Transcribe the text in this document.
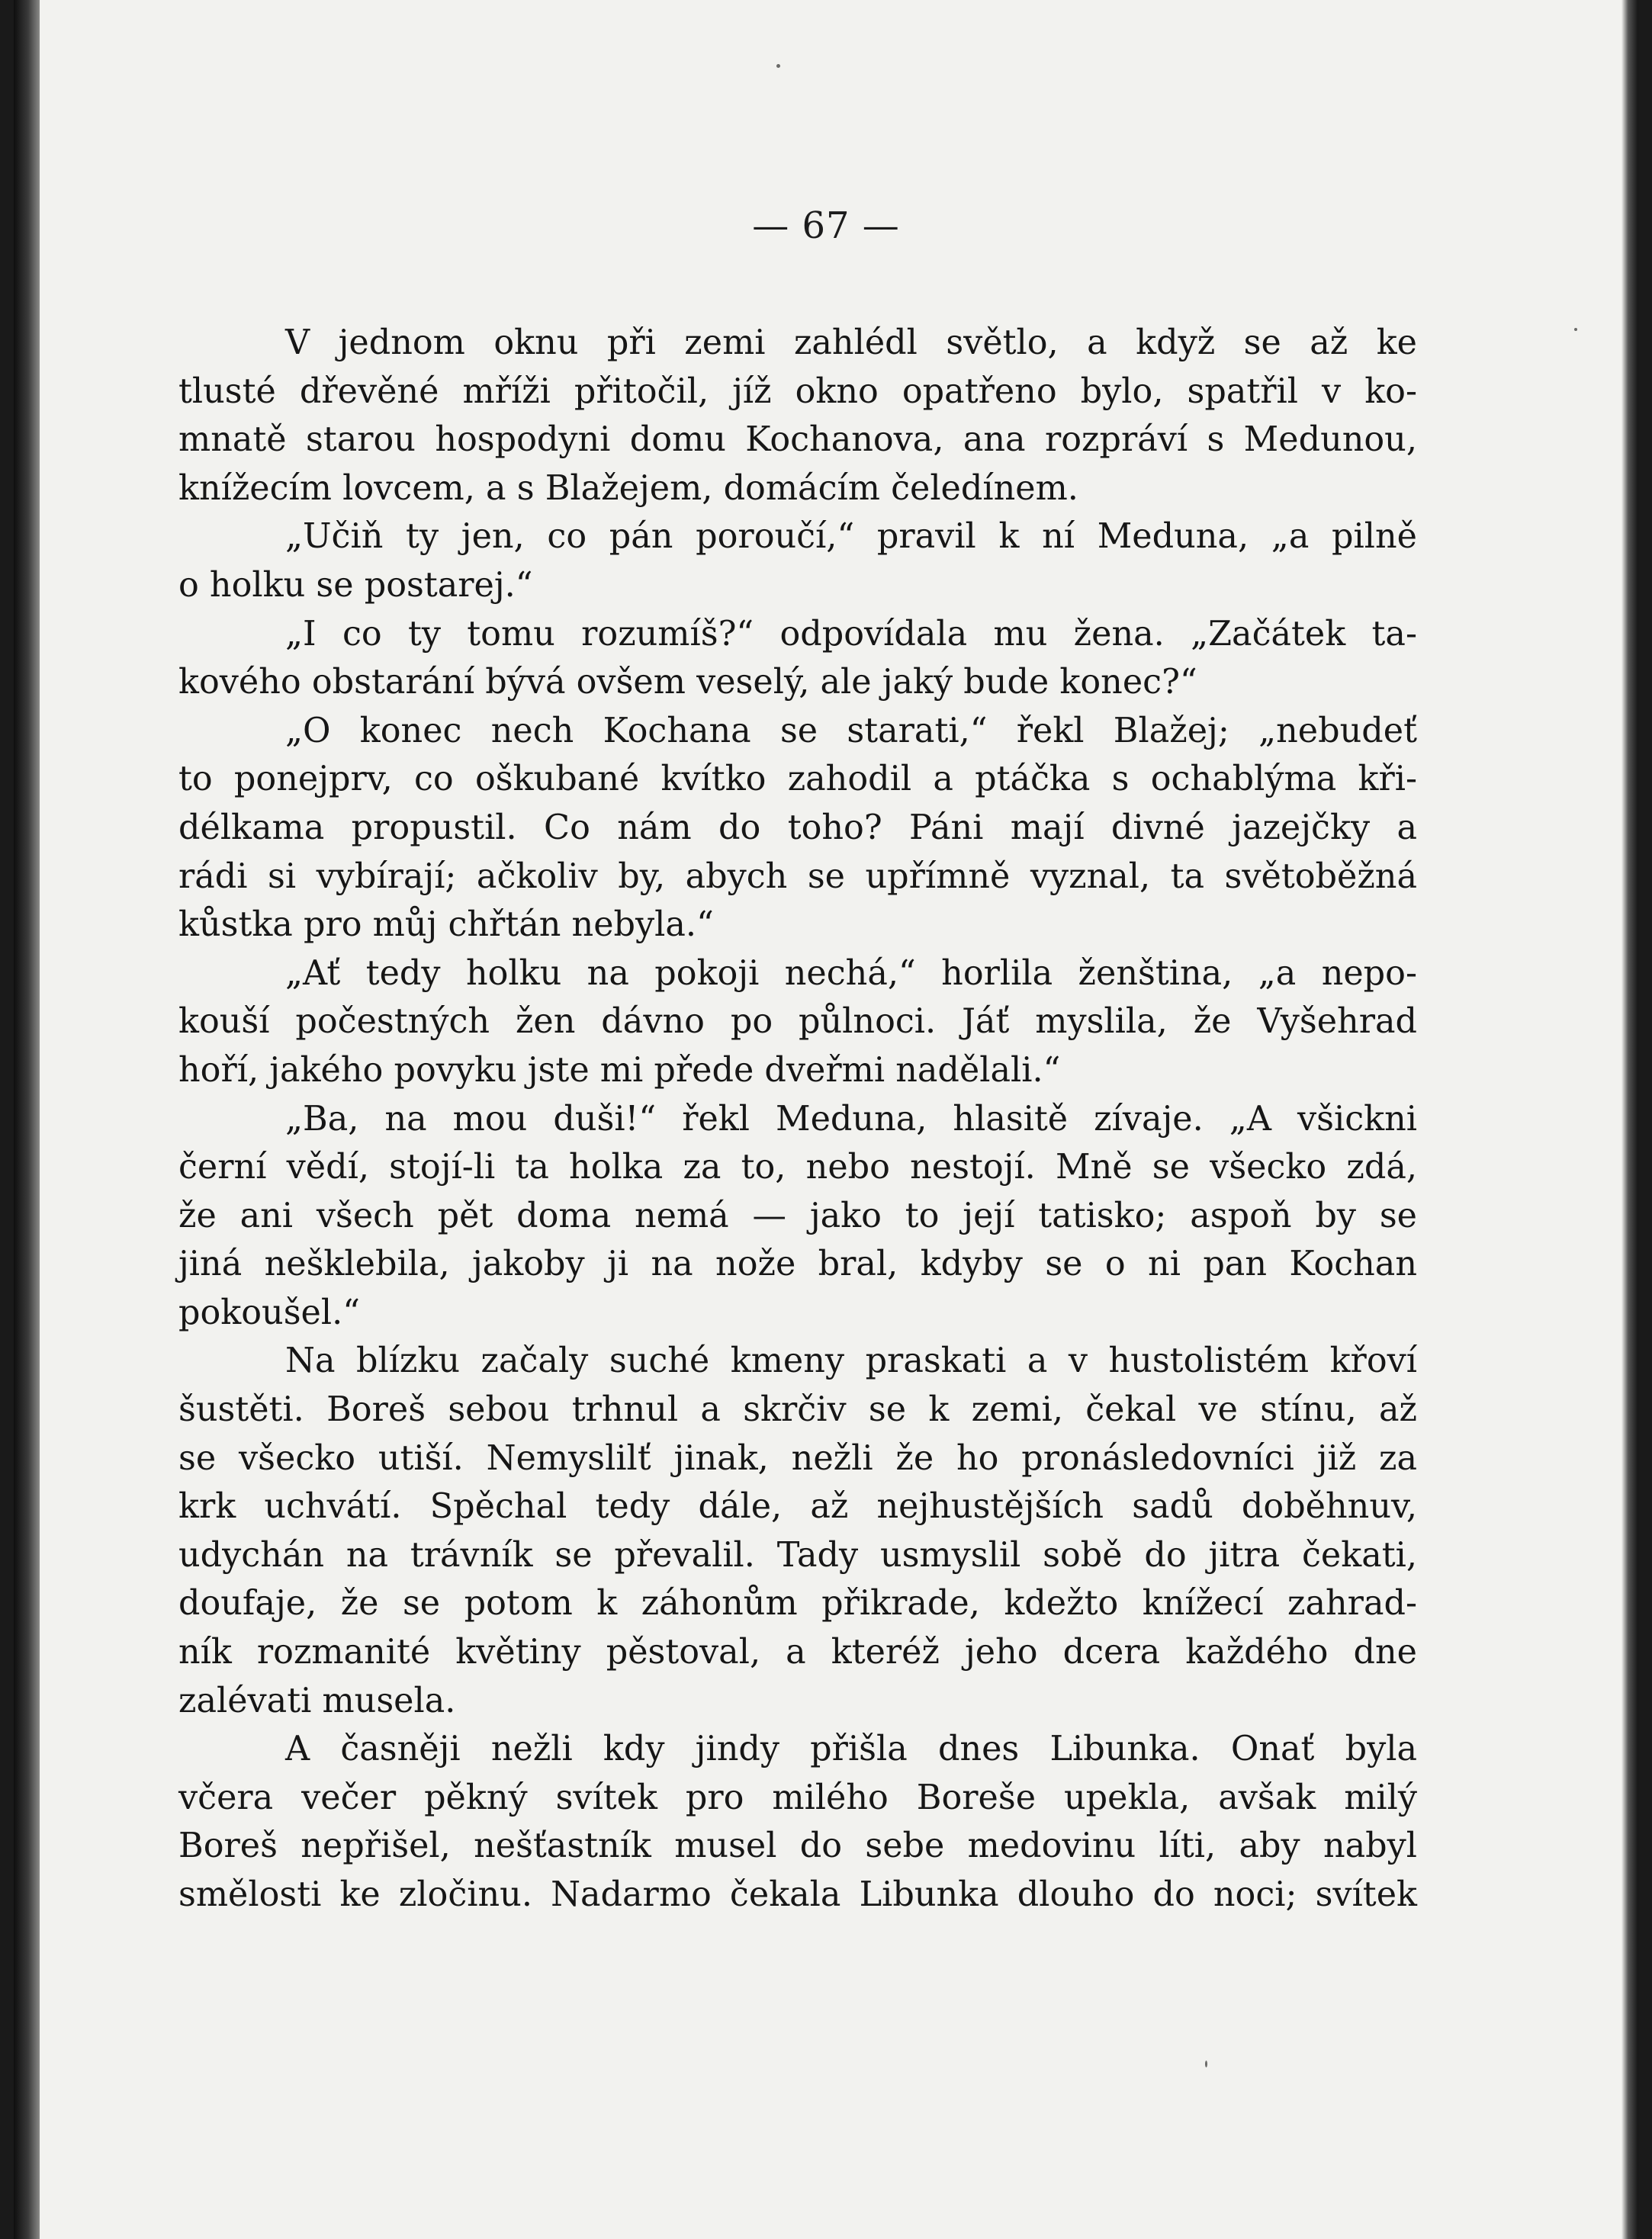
— 67 —
V jednom oknu při zemi zahlédl světlo, a když se až ke
tlusté dřevěné mříži přitočil, jíž okno opatřeno bylo, spatřil v ko-
mnatě starou hospodyni domu Kochanova, ana rozpráví s Medunou,
knížecím lovcem, a s Blažejem, domácím čeledínem.
„Učiň ty jen, co pán poroučí,“ pravil k ní Meduna, „a pilně
o holku se postarej.“
„I co ty tomu rozumíš?“ odpovídala mu žena. „Začátek ta-
kového obstarání bývá ovšem veselý, ale jaký bude konec?“
„O konec nech Kochana se starati,“ řekl Blažej; „nebudeť
to ponejprv, co oškubané kvítko zahodil a ptáčka s ochablýma kři-
délkama propustil. Co nám do toho? Páni mají divné jazejčky a
rádi si vybírají; ačkoliv by, abych se upřímně vyznal, ta světoběžná
kůstka pro můj chřtán nebyla.“
„Ať tedy holku na pokoji nechá,“ horlila ženština, „a nepo-
kouší počestných žen dávno po půlnoci. Jáť myslila, že Vyšehrad
hoří, jakého povyku jste mi přede dveřmi nadělali.“
„Ba, na mou duši!“ řekl Meduna, hlasitě zívaje. „A všickni
černí vědí, stojí-li ta holka za to, nebo nestojí. Mně se všecko zdá,
že ani všech pět doma nemá — jako to její tatisko; aspoň by se
jiná nešklebila, jakoby ji na nože bral, kdyby se o ni pan Kochan
pokoušel.“
Na blízku začaly suché kmeny praskati a v hustolistém křoví
šustěti. Boreš sebou trhnul a skrčiv se k zemi, čekal ve stínu, až
se všecko utiší. Nemyslilť jinak, nežli že ho pronásledovníci již za
krk uchvátí. Spěchal tedy dále, až nejhustějších sadů doběhnuv,
udychán na trávník se převalil. Tady usmyslil sobě do jitra čekati,
doufaje, že se potom k záhonům přikrade, kdežto knížecí zahrad-
ník rozmanité květiny pěstoval, a kteréž jeho dcera každého dne
zalévati musela.
A časněji nežli kdy jindy přišla dnes Libunka. Onať byla
včera večer pěkný svítek pro milého Boreše upekla, avšak milý
Boreš nepřišel, nešťastník musel do sebe medovinu líti, aby nabyl
smělosti ke zločinu. Nadarmo čekala Libunka dlouho do noci; svítek
